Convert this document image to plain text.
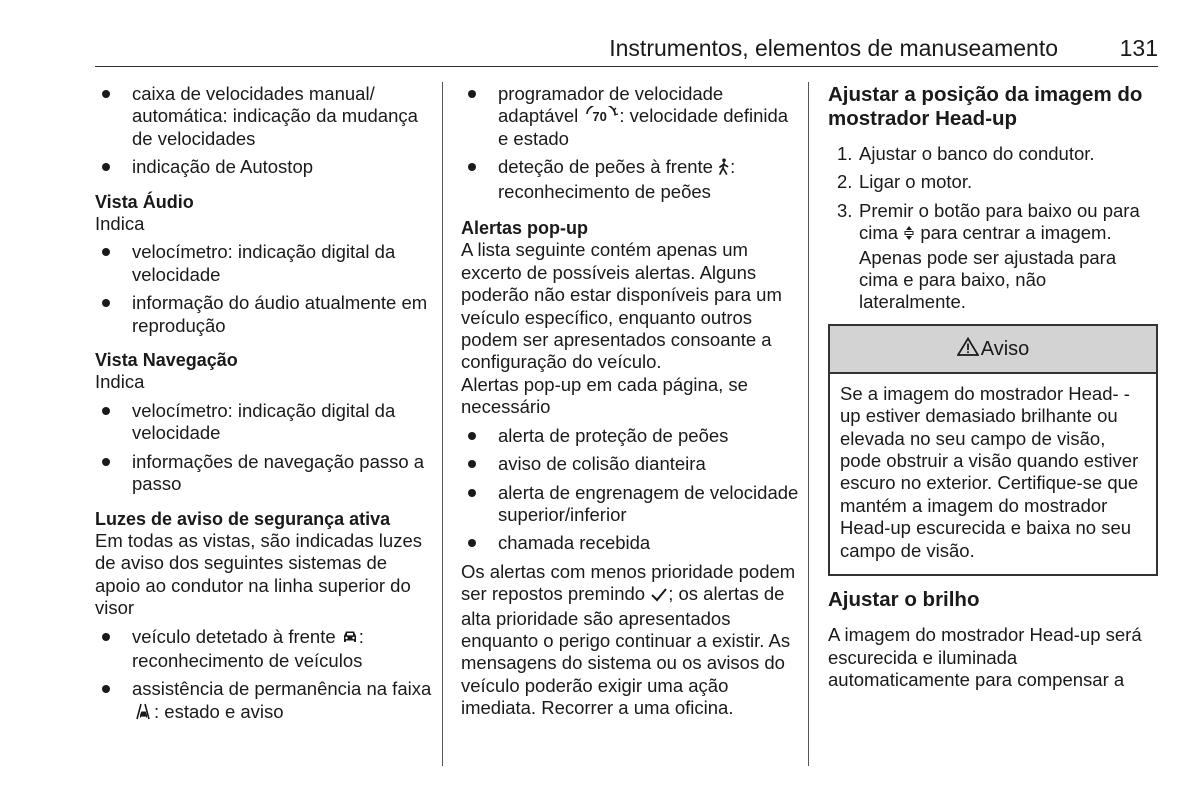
Instrumentos, elementos de manuseamento	131
caixa de velocidades manual/ automática: indicação da mudança de velocidades
indicação de Autostop

Vista Áudio

Indica

velocímetro: indicação digital da velocidade
informação do áudio atualmente em reprodução

Vista Navegação

Indica

velocímetro: indicação digital da velocidade
informações de navegação passo a passo

Luzes de aviso de segurança ativa

Em todas as vistas, são indicadas luzes de aviso dos seguintes sistemas de apoio ao condutor na linha superior do visor

veículo detetado à frente : reconhecimento de veículos
assistência de permanência na faixa : estado e aviso
programador de velocidade adaptável 70 : velocidade definida e estado
deteção de peões à frente : reconhecimento de peões

Alertas pop-up

A lista seguinte contém apenas um excerto de possíveis alertas. Alguns poderão não estar disponíveis para um veículo específico, enquanto outros podem ser apresentados consoante a configuração do veículo.

Alertas pop-up em cada página, se necessário

alerta de proteção de peões
aviso de colisão dianteira
alerta de engrenagem de velocidade superior/inferior
chamada recebida

Os alertas com menos prioridade podem ser repostos premindo ; os alertas de alta prioridade são apresentados enquanto o perigo continuar a existir. As mensagens do sistema ou os avisos do veículo poderão exigir uma ação imediata. Recorrer a uma oficina.

Ajustar a posição da imagem do mostrador Head-up

1. Ajustar o banco do condutor.
2. Ligar o motor.
3. Premir o botão para baixo ou para cima  para centrar a imagem. Apenas pode ser ajustada para cima e para baixo, não lateralmente.
Aviso
Se a imagem do mostrador Head- -up estiver demasiado brilhante ou elevada no seu campo de visão, pode obstruir a visão quando estiver escuro no exterior. Certifique-se que mantém a imagem do mostrador Head-up escurecida e baixa no seu campo de visão.

Ajustar o brilho

A imagem do mostrador Head-up será escurecida e iluminada automaticamente para compensar a
